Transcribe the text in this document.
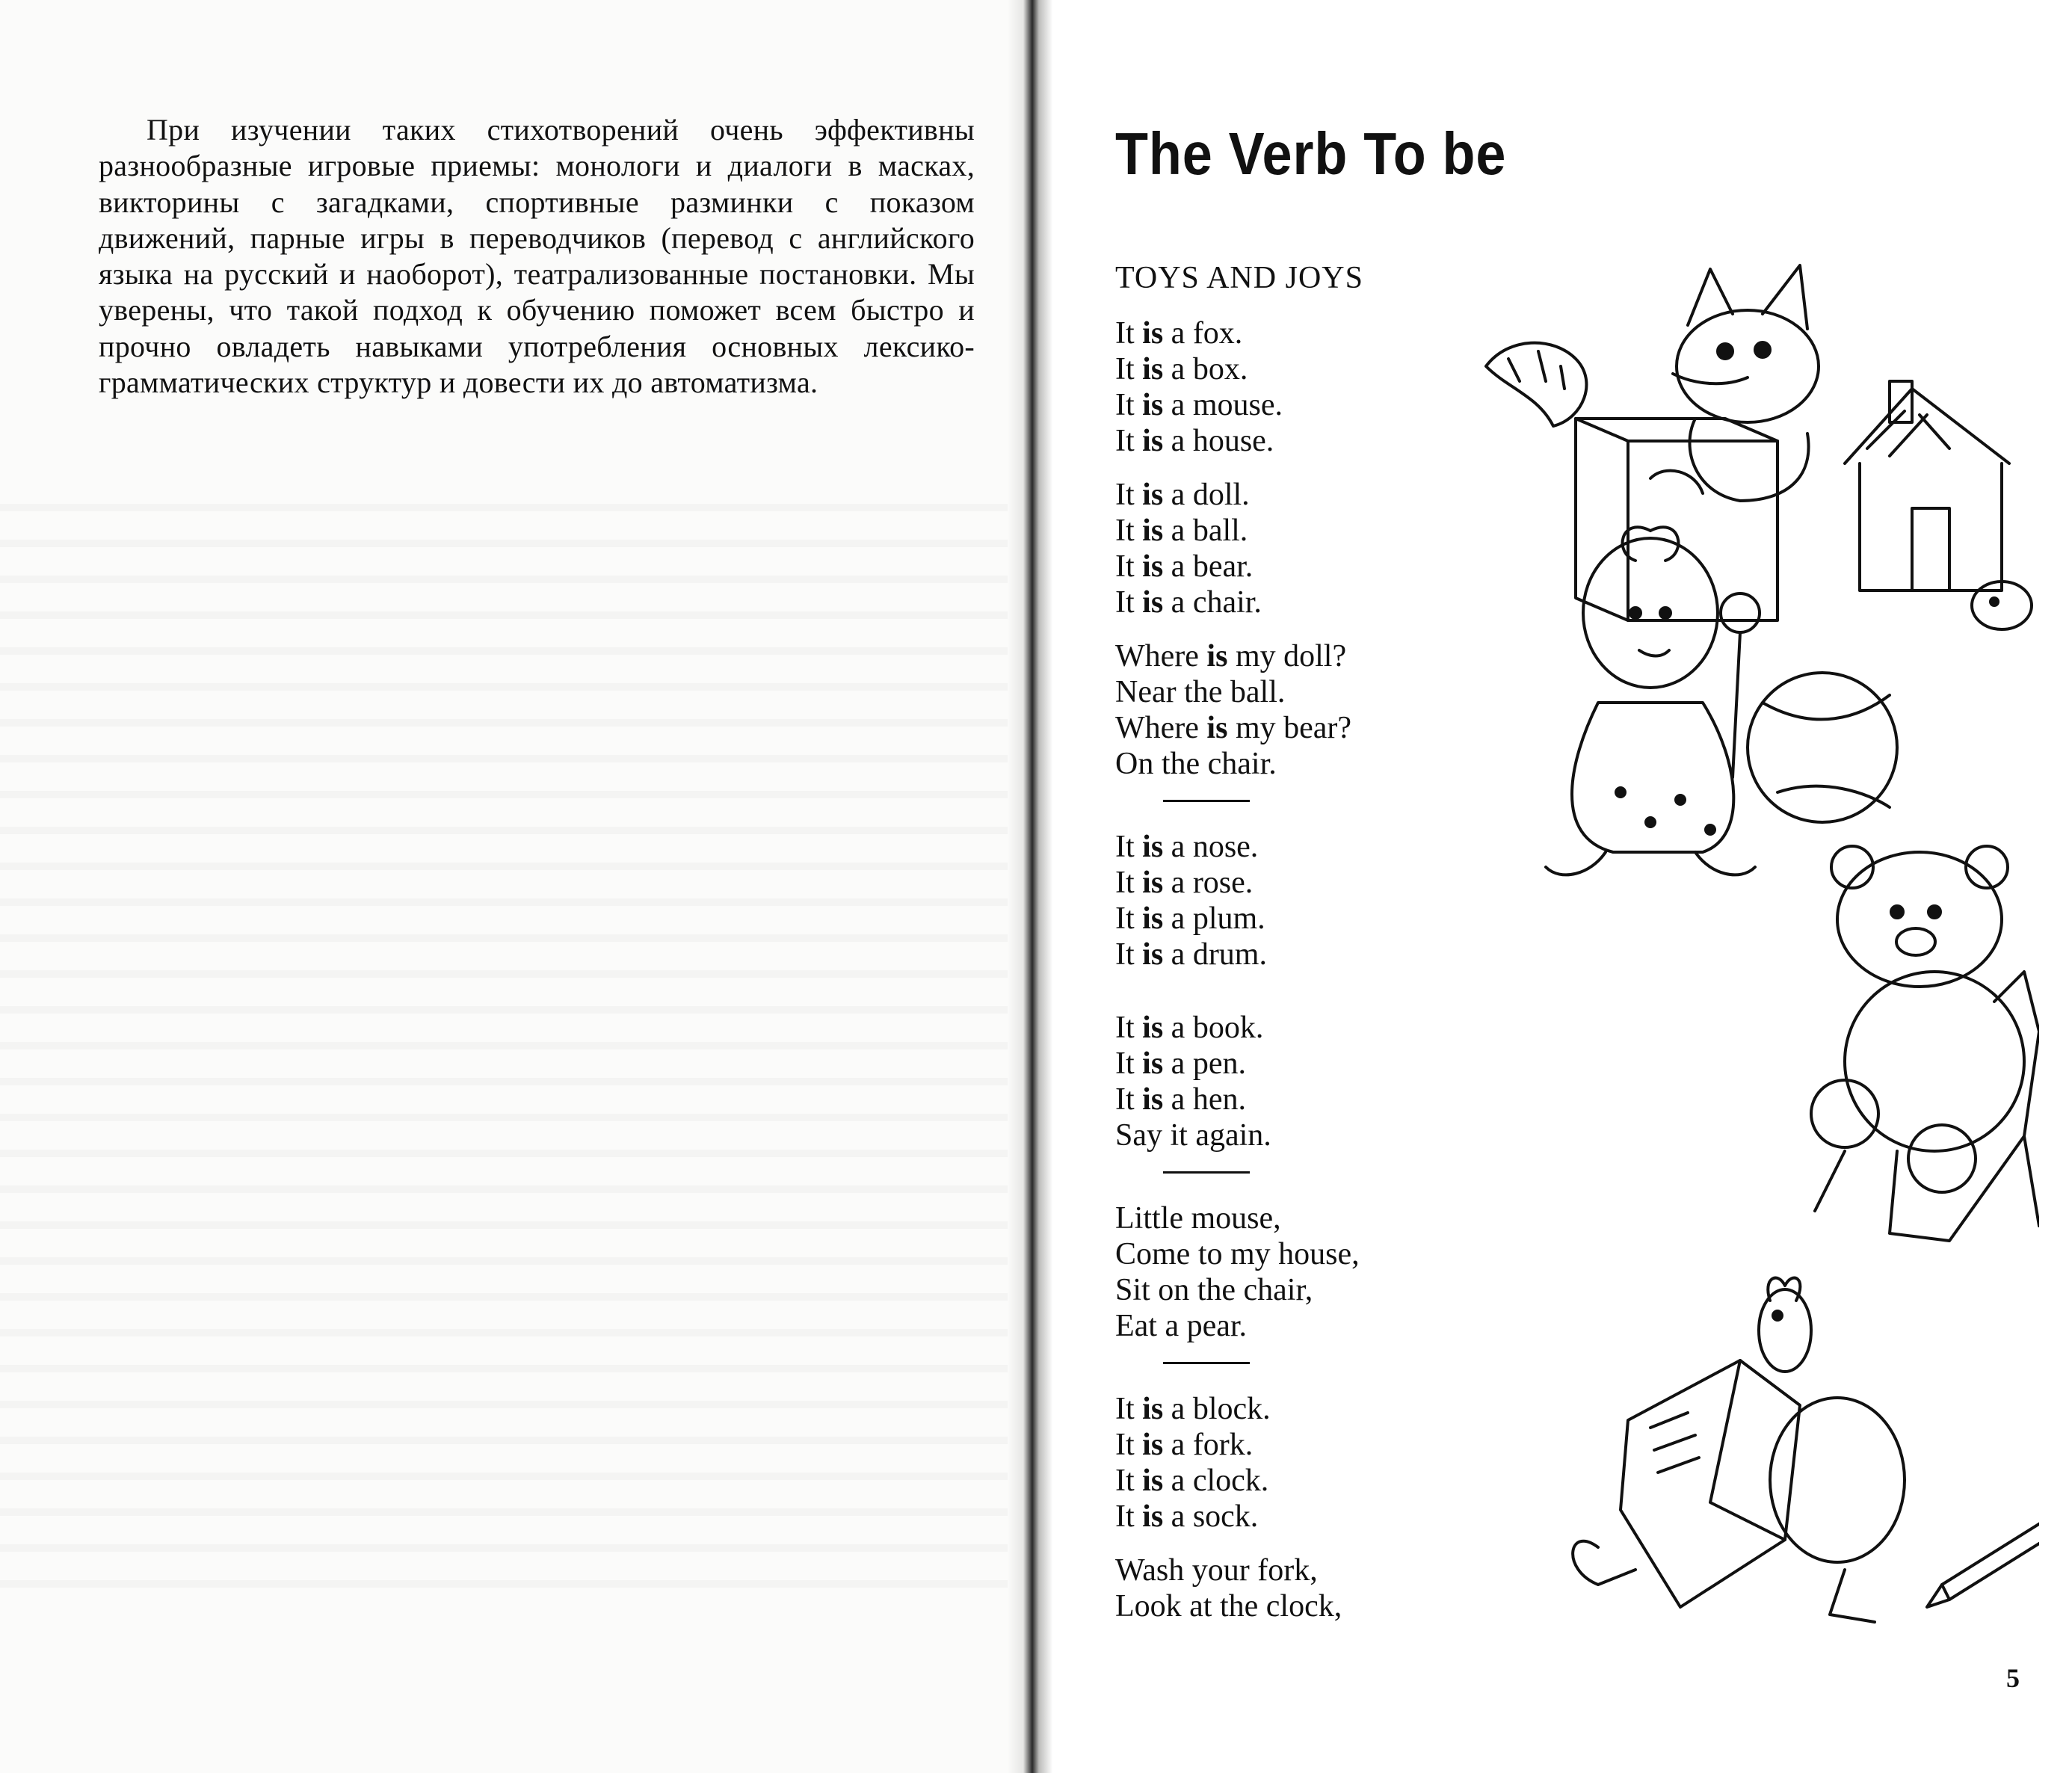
При изучении таких стихотворений очень эффективны разнообразные игровые приемы: монологи и диалоги в масках, викторины с загадками, спортивные разминки с показом движений, парные игры в переводчиков (перевод с английского языка на русский и наоборот), театрализованные постановки. Мы уверены, что такой подход к обучению поможет всем быстро и прочно овладеть навыками употребления основных лексико-грамматических структур и довести их до автоматизма.

The Verb To be
TOYS AND JOYS
It is a fox.
It is a box.
It is a mouse.
It is a house.
It is a doll.
It is a ball.
It is a bear.
It is a chair.
Where is my doll?
Near the ball.
Where is my bear?
On the chair.
It is a nose.
It is a rose.
It is a plum.
It is a drum.
It is a book.
It is a pen.
It is a hen.
Say it again.
Little mouse,
Come to my house,
Sit on the chair,
Eat a pear.
It is a block.
It is a fork.
It is a clock.
It is a sock.
Wash your fork,
Look at the clock,
5
